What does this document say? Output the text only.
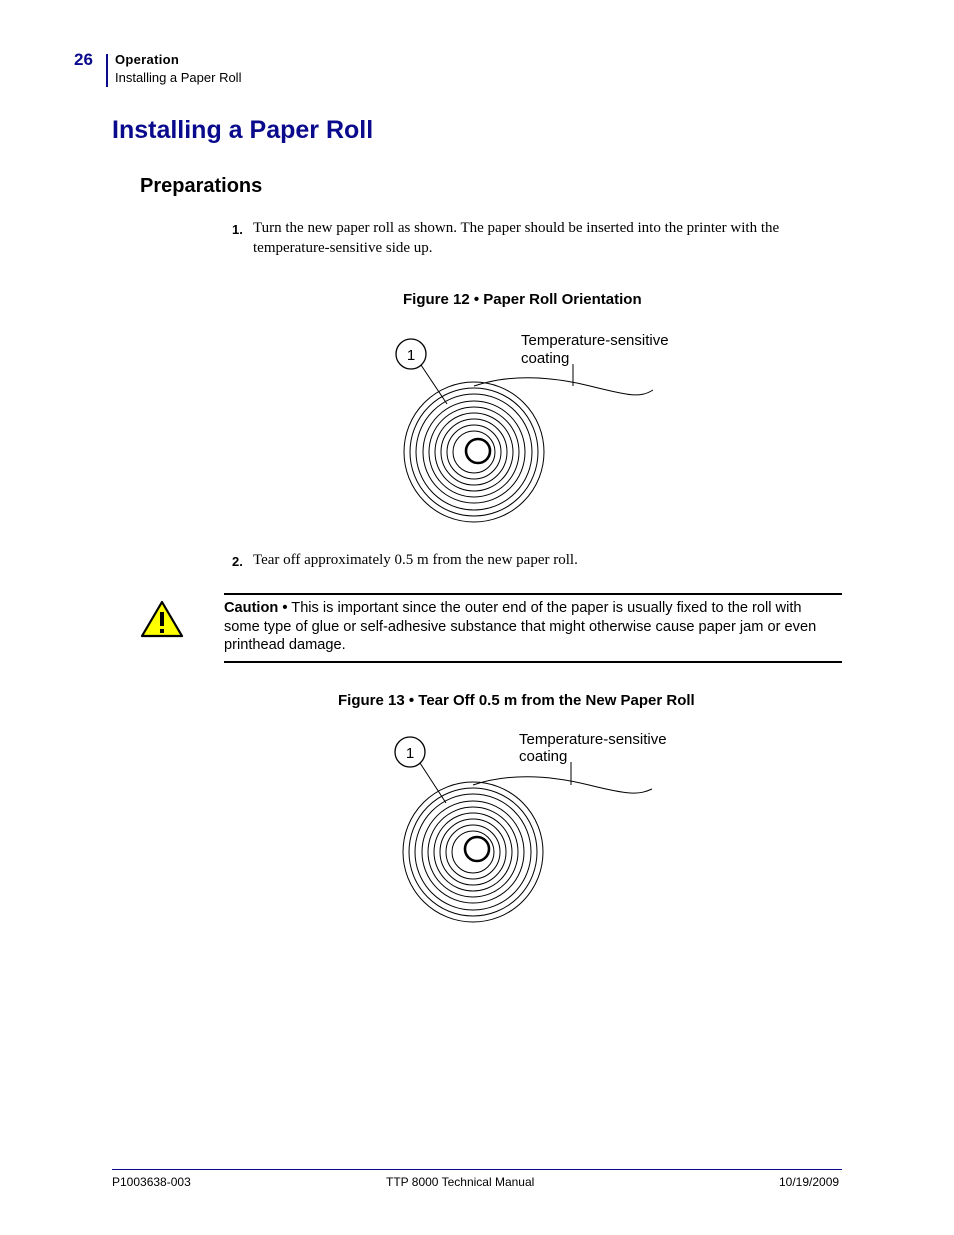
26 Operation
Installing a Paper Roll
Installing a Paper Roll
Preparations
1. Turn the new paper roll as shown. The paper should be inserted into the printer with the temperature-sensitive side up.
Figure 12 • Paper Roll Orientation
1
Temperature-sensitive
coating
2. Tear off approximately 0.5 m from the new paper roll.
Caution • This is important since the outer end of the paper is usually fixed to the roll with some type of glue or self-adhesive substance that might otherwise cause paper jam or even printhead damage.
Figure 13 • Tear Off 0.5 m from the New Paper Roll
1
Temperature-sensitive
coating
P1003638-003	TTP 8000 Technical Manual	10/19/2009
